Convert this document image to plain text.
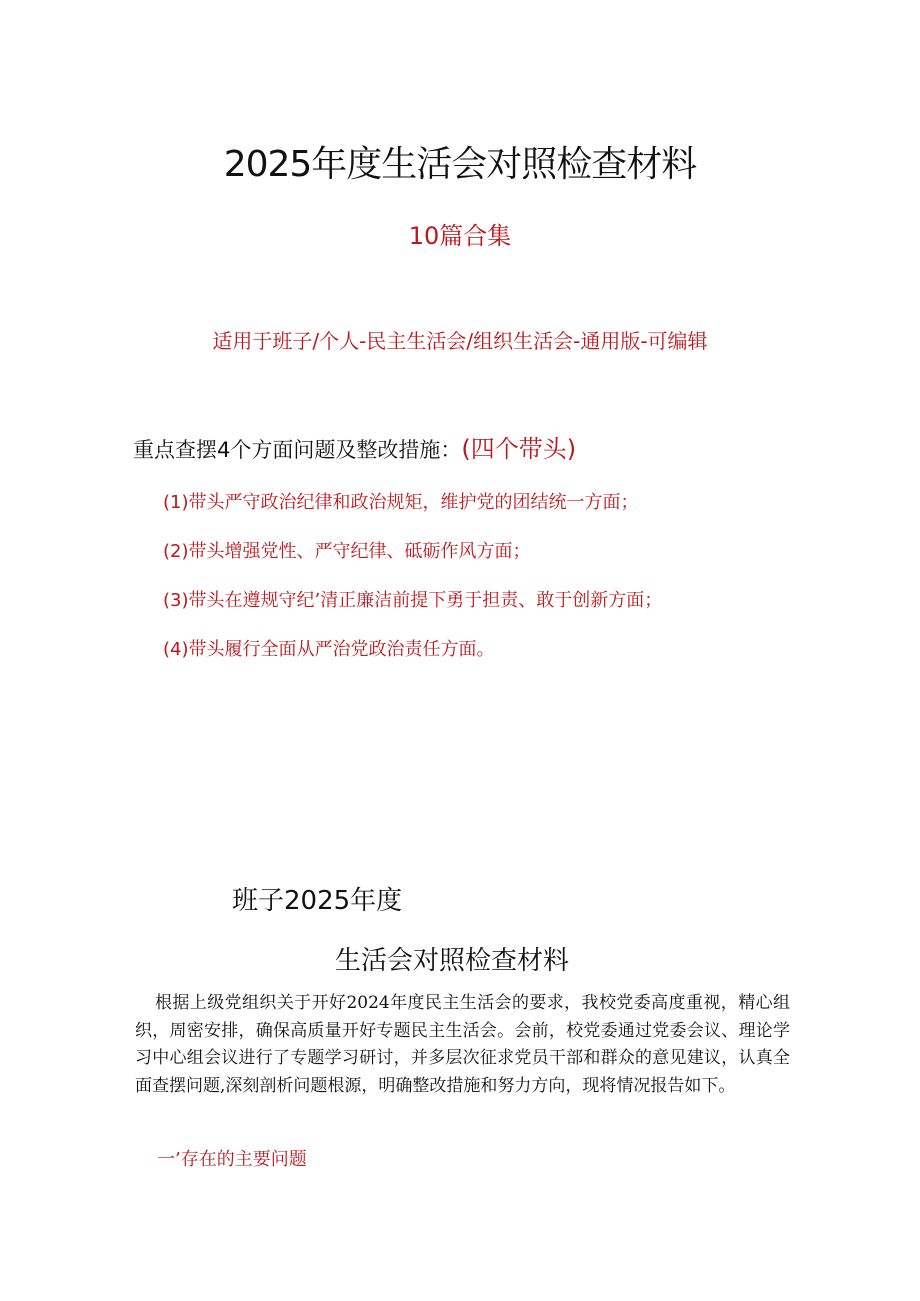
2025年度生活会对照检查材料
10篇合集
适用于班子/个人-民主生活会/组织生活会-通用版-可编辑
重点查摆4个方面问题及整改措施：(四个带头)
(1)带头严守政治纪律和政治规矩，维护党的团结统一方面；
(2)带头增强党性、严守纪律、砥砺作风方面；
(3)带头在遵规守纪’清正廉洁前提下勇于担责、敢于创新方面；
(4)带头履行全面从严治党政治责任方面。
班子2025年度
生活会对照检查材料
根据上级党组织关于开好2024年度民主生活会的要求，我校党委高度重视，精心组织，周密安排，确保高质量开好专题民主生活会。会前，校党委通过党委会议、理论学习中心组会议进行了专题学习研讨，并多层次征求党员干部和群众的意见建议，认真全面查摆问题,深刻剖析问题根源，明确整改措施和努力方向，现将情况报告如下。
一’存在的主要问题
